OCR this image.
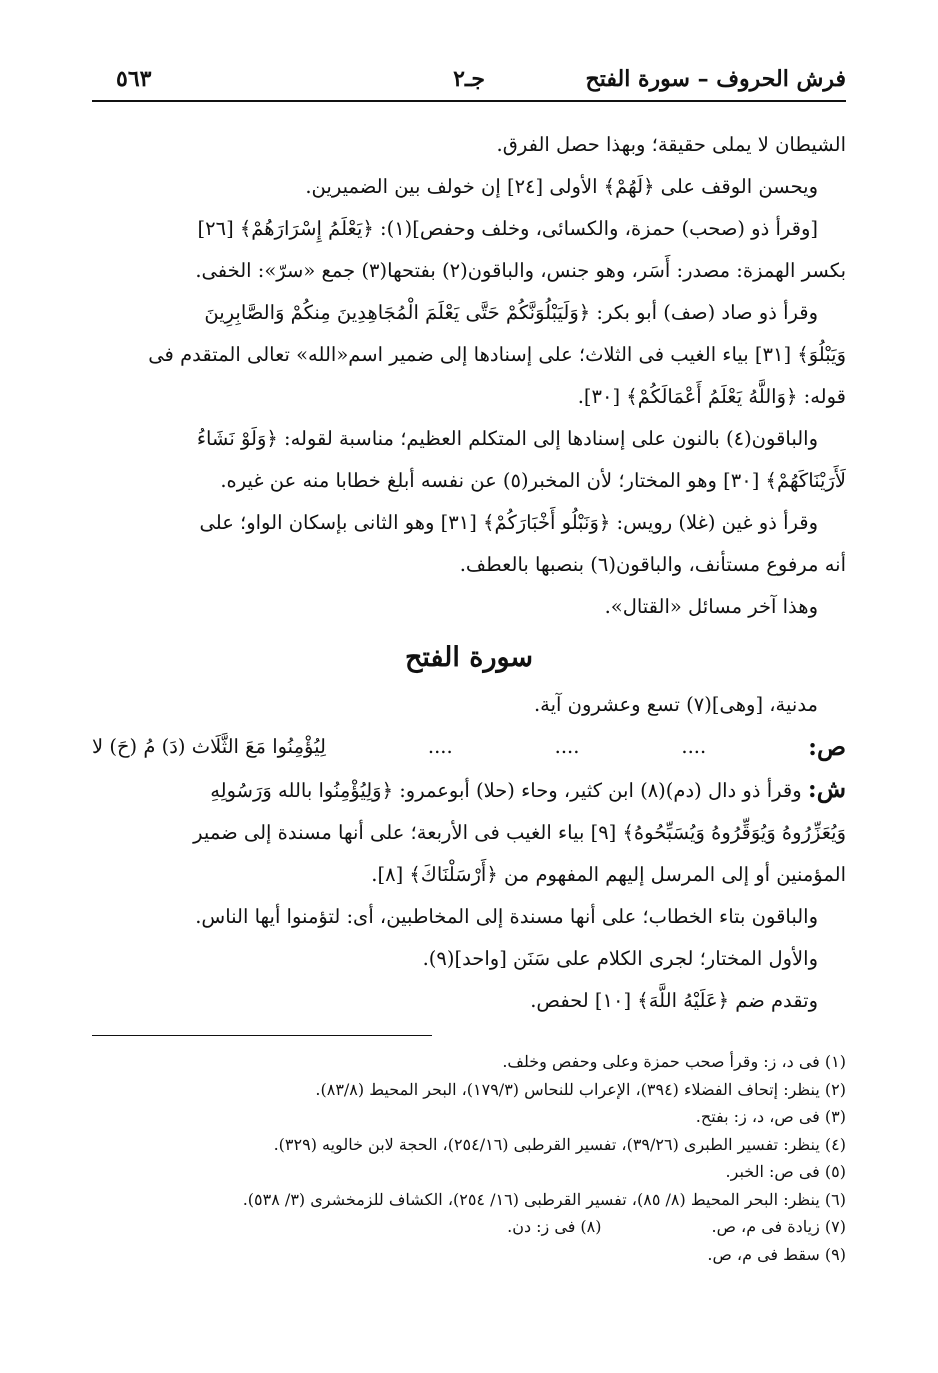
فرش الحروف – سورة الفتح
جـ٢
٥٦٣
الشيطان لا يملى حقيقة؛ وبهذا حصل الفرق.
ويحسن الوقف على ﴿لَهُمْ﴾ الأولى [٢٤] إن خولف بين الضميرين.
[وقرأ ذو (صحب) حمزة، والكسائى، وخلف وحفص](١): ﴿يَعْلَمُ إِسْرَارَهُمْ﴾ [٢٦]
بكسر الهمزة: مصدر: أَسَر، وهو جنس، والباقون(٢) بفتحها(٣) جمع «سرّ»: الخفى.
وقرأ ذو صاد (صف) أبو بكر: ﴿وَلَيَبْلُوَنَّكُمْ حَتَّى يَعْلَمَ الْمُجَاهِدِينَ مِنكُمْ وَالصَّابِرِينَ
وَيَبْلُوَ﴾ [٣١] بياء الغيب فى الثلاث؛ على إسنادها إلى ضمير اسم«الله» تعالى المتقدم فى
قوله: ﴿وَاللَّهُ يَعْلَمُ أَعْمَالَكُمْ﴾ [٣٠].
والباقون(٤) بالنون على إسنادها إلى المتكلم العظيم؛ مناسبة لقوله: ﴿وَلَوْ نَشَاءُ
لَأَرَيْنَاكَهُمْ﴾ [٣٠] وهو المختار؛ لأن المخبر(٥) عن نفسه أبلغ خطابا منه عن غيره.
وقرأ ذو غين (غلا) رويس: ﴿وَنَبْلُو أَخْبَارَكُمْ﴾ [٣١] وهو الثانى بإسكان الواو؛ على
أنه مرفوع مستأنف، والباقون(٦) بنصبها بالعطف.
وهذا آخر مسائل «القتال».
سورة الفتح
مدنية، [وهى](٧) تسع وعشرون آية.
ص:
....
....
....
لِيُؤْمِنُوا مَعَ الثَّلَاث (دَ) مُ (حَ) لا
ش: وقرأ ذو دال (دم)(٨) ابن كثير، وحاء (حلا) أبوعمرو: ﴿وَلِيُؤْمِنُوا بالله وَرَسُولِهِ
وَيُعَزِّرُوهُ وَيُوَقِّرُوهُ وَيُسَبِّحُوهُ﴾ [٩] بياء الغيب فى الأربعة؛ على أنها مسندة إلى ضمير
المؤمنين أو إلى المرسل إليهم المفهوم من ﴿أَرْسَلْنَاكَ﴾ [٨].
والباقون بتاء الخطاب؛ على أنها مسندة إلى المخاطبين، أى: لتؤمنوا أيها الناس.
والأول المختار؛ لجرى الكلام على سَنَن [واحد](٩).
وتقدم ضم ﴿عَلَيْهُ اللَّهَ﴾ [١٠] لحفص.
(١) فى د، ز: وقرأ صحب حمزة وعلى وحفص وخلف.
(٢) ينظر: إتحاف الفضلاء (٣٩٤)، الإعراب للنحاس (١٧٩/٣)، البحر المحيط (٨٣/٨).
(٣) فى ص، د، ز: بفتح.
(٤) ينظر: تفسير الطبرى (٣٩/٢٦)، تفسير القرطبى (٢٥٤/١٦)، الحجة لابن خالويه (٣٢٩).
(٥) فى ص: الخبر.
(٦) ينظر: البحر المحيط (٨/ ٨٥)، تفسير القرطبى (١٦/ ٢٥٤)، الكشاف للزمخشرى (٣/ ٥٣٨).
(٧) زيادة فى م، ص.
(٨) فى ز: دن.
(٩) سقط فى م، ص.
